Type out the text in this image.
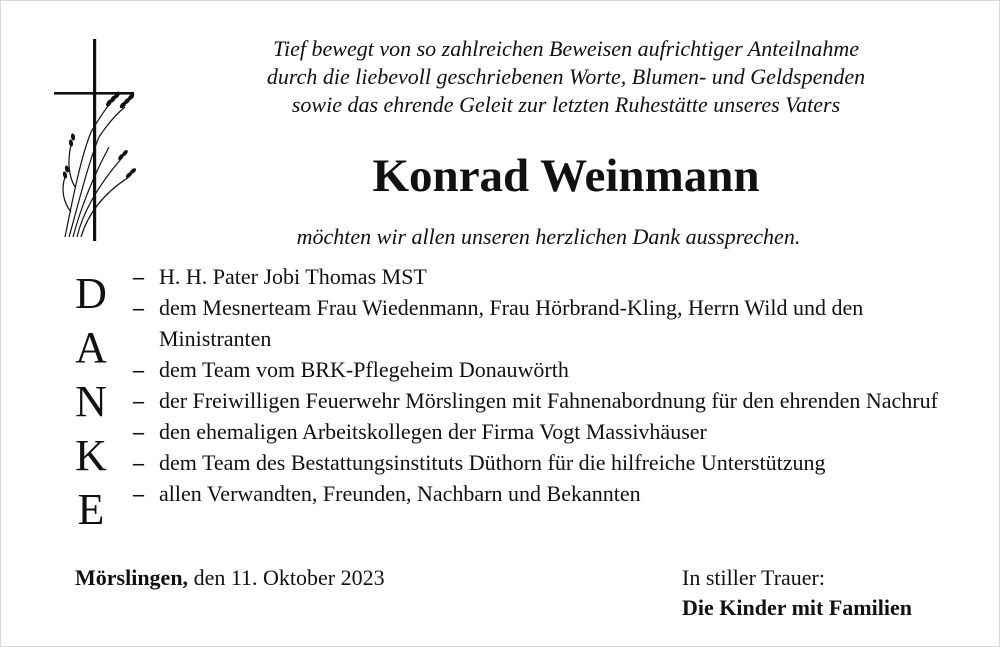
Tief bewegt von so zahlreichen Beweisen aufrichtiger Anteilnahme
durch die liebevoll geschriebenen Worte, Blumen- und Geldspenden
sowie das ehrende Geleit zur letzten Ruhestätte unseres Vaters
Konrad Weinmann
möchten wir allen unseren herzlichen Dank aussprechen.
D
A
N
K
E
– H. H. Pater Jobi Thomas MST
– dem Mesnerteam Frau Wiedenmann, Frau Hörbrand-Kling, Herrn Wild und den Ministranten
– dem Team vom BRK-Pflegeheim Donauwörth
– der Freiwilligen Feuerwehr Mörslingen mit Fahnenabordnung für den ehrenden Nachruf
– den ehemaligen Arbeitskollegen der Firma Vogt Massivhäuser
– dem Team des Bestattungsinstituts Düthorn für die hilfreiche Unterstützung
– allen Verwandten, Freunden, Nachbarn und Bekannten
Mörslingen, den 11. Oktober 2023	In stiller Trauer:
Die Kinder mit Familien
